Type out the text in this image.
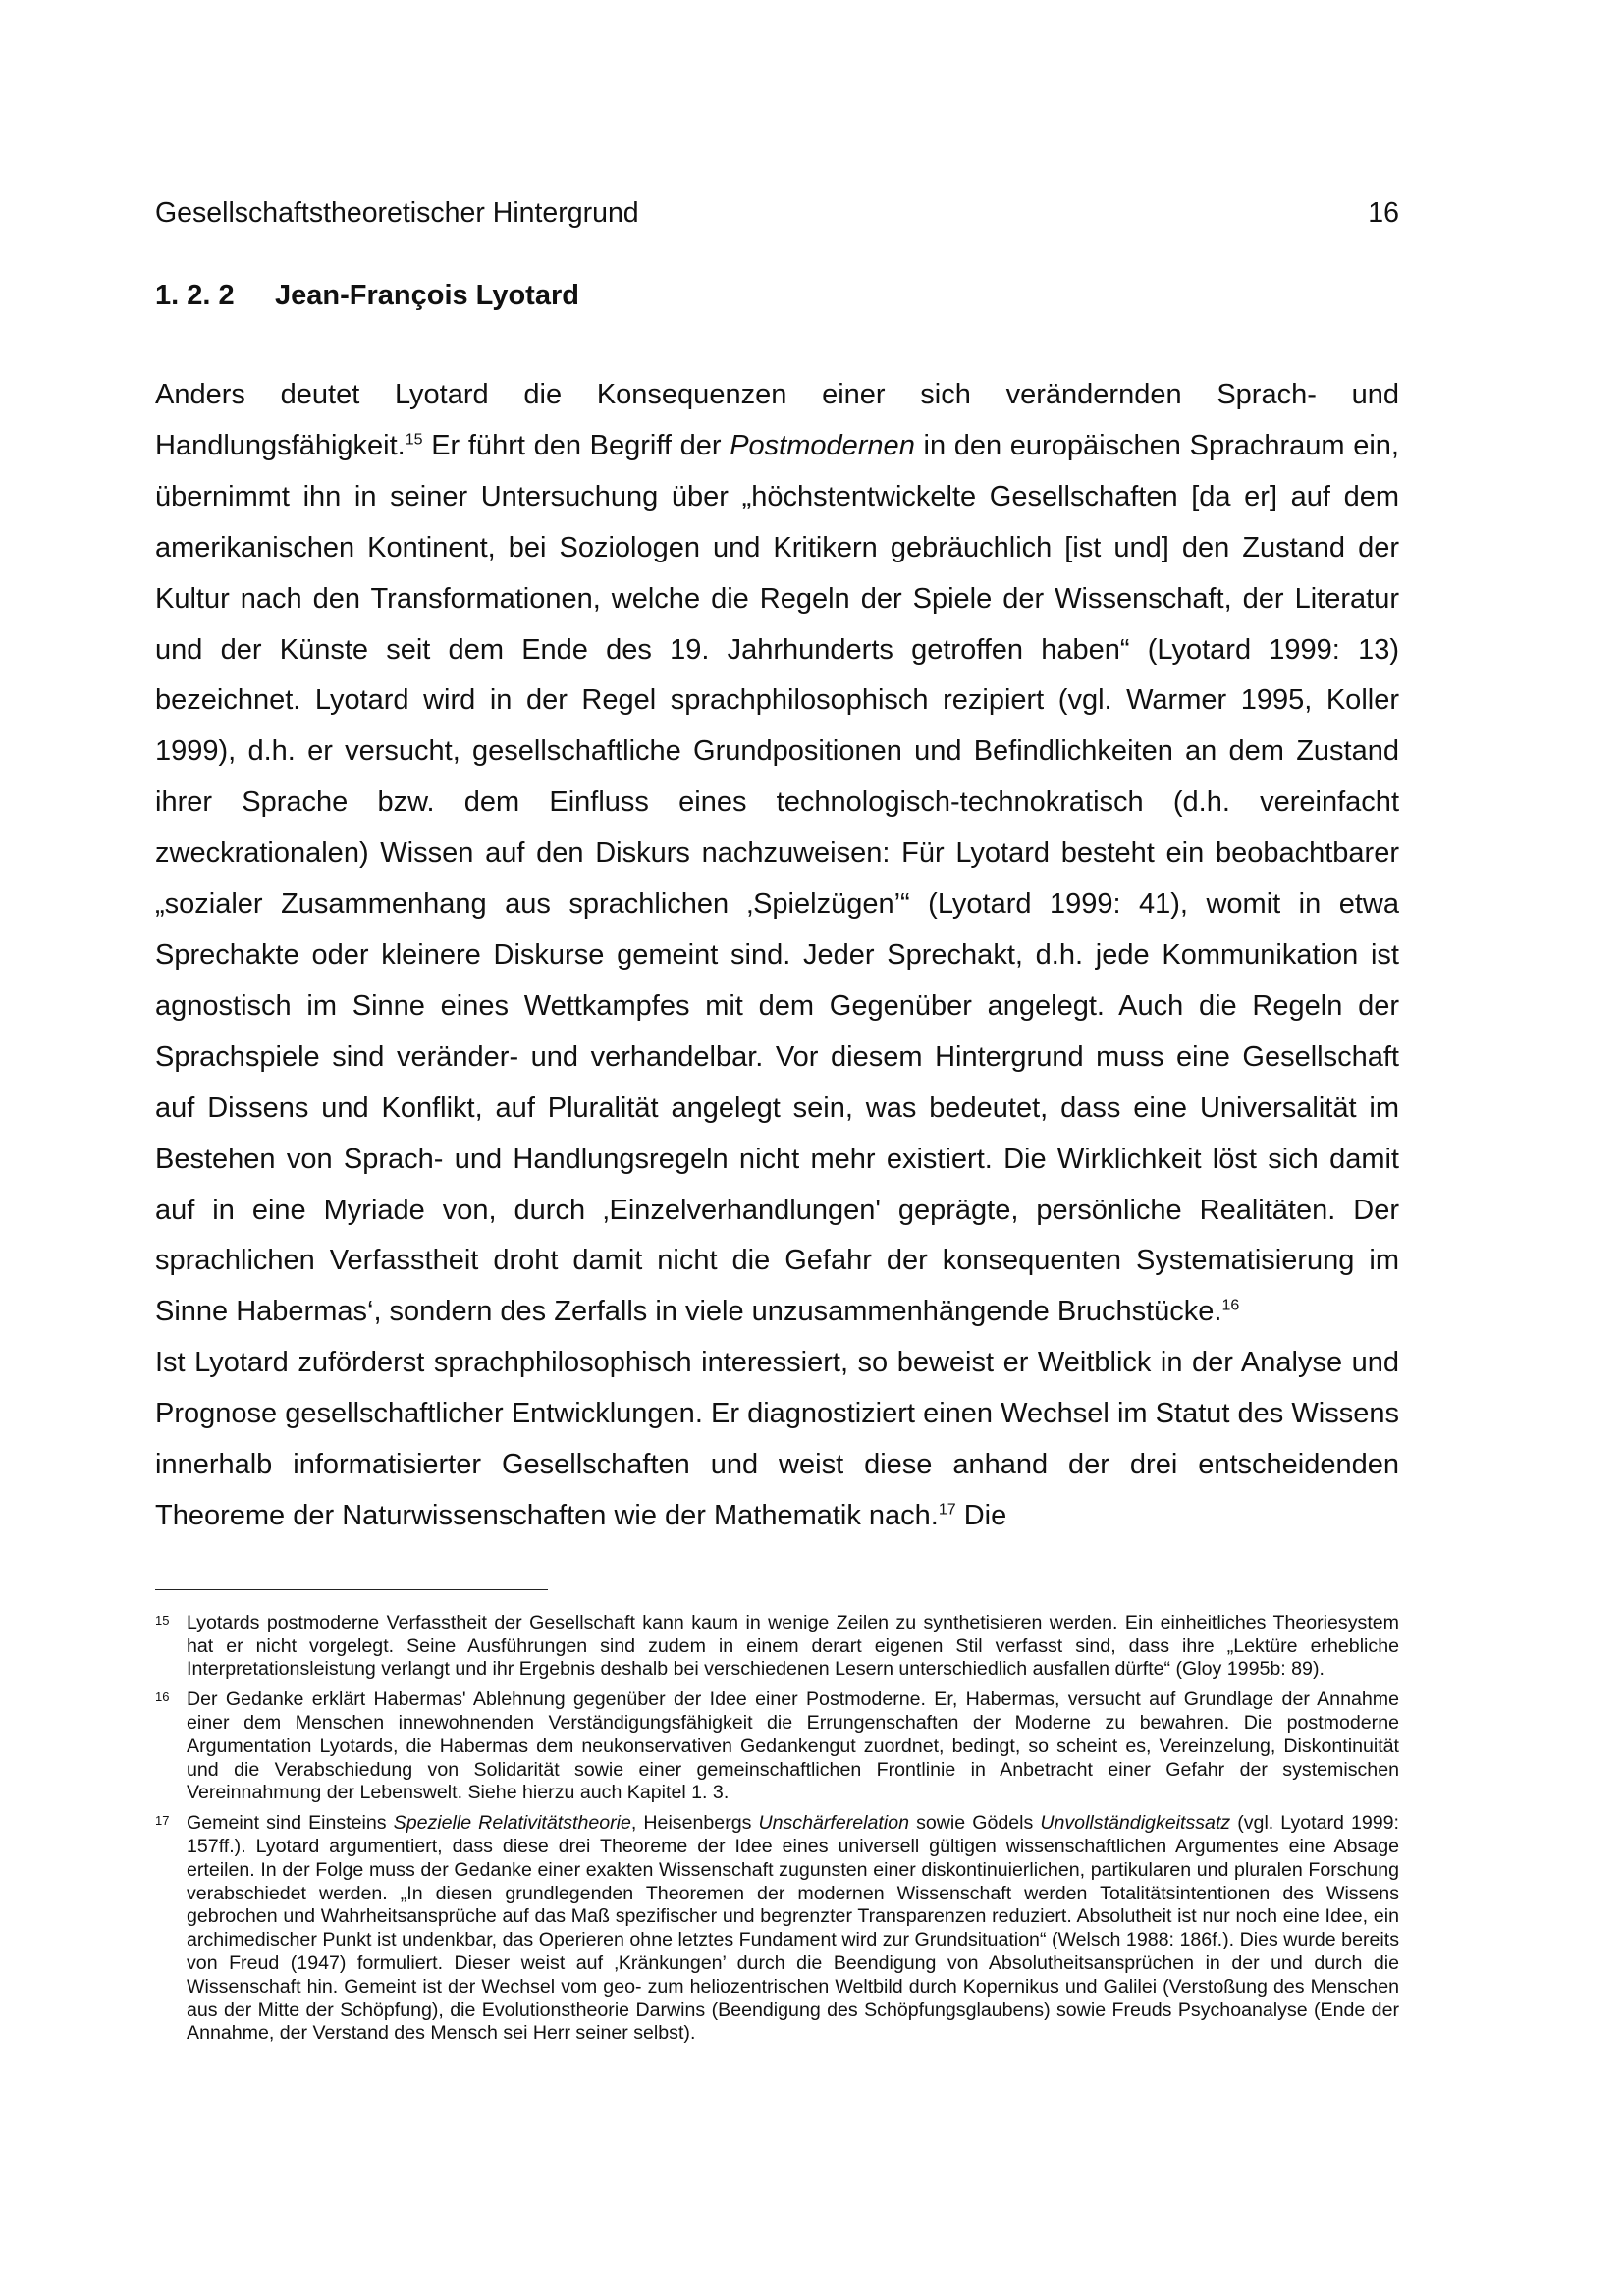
Gesellschaftstheoretischer Hintergrund	16
1. 2. 2	Jean-François Lyotard

Anders deutet Lyotard die Konsequenzen einer sich verändernden Sprach- und Handlungsfähigkeit.$^{15}$ Er führt den Begriff der Postmodernen in den europäischen Sprachraum ein, übernimmt ihn in seiner Untersuchung über „höchstentwickelte Gesellschaften [da er] auf dem amerikanischen Kontinent, bei Soziologen und Kritikern gebräuchlich [ist und] den Zustand der Kultur nach den Transformationen, welche die Regeln der Spiele der Wissenschaft, der Literatur und der Künste seit dem Ende des 19. Jahrhunderts getroffen haben“ (Lyotard 1999: 13) bezeichnet. Lyotard wird in der Regel sprachphilosophisch rezipiert (vgl. Warmer 1995, Koller 1999), d.h. er versucht, gesellschaftliche Grundpositionen und Befindlichkeiten an dem Zustand ihrer Sprache bzw. dem Einfluss eines technologisch-technokratisch (d.h. vereinfacht zweckrationalen) Wissen auf den Diskurs nachzuweisen: Für Lyotard besteht ein beobachtbarer „sozialer Zusammenhang aus sprachlichen ‚Spielzügen’“ (Lyotard 1999: 41), womit in etwa Sprechakte oder kleinere Diskurse gemeint sind. Jeder Sprechakt, d.h. jede Kommunikation ist agnostisch im Sinne eines Wettkampfes mit dem Gegenüber angelegt. Auch die Regeln der Sprachspiele sind veränder- und verhandelbar. Vor diesem Hintergrund muss eine Gesellschaft auf Dissens und Konflikt, auf Pluralität angelegt sein, was bedeutet, dass eine Universalität im Bestehen von Sprach- und Handlungsregeln nicht mehr existiert. Die Wirklichkeit löst sich damit auf in eine Myriade von, durch ‚Einzelverhandlungen' geprägte, persönliche Realitäten. Der sprachlichen Verfasstheit droht damit nicht die Gefahr der konsequenten Systematisierung im Sinne Habermas‘, sondern des Zerfalls in viele unzusammenhängende Bruchstücke.$^{16}$

Ist Lyotard zuförderst sprachphilosophisch interessiert, so beweist er Weitblick in der Analyse und Prognose gesellschaftlicher Entwicklungen. Er diagnostiziert einen Wechsel im Statut des Wissens innerhalb informatisierter Gesellschaften und weist diese anhand der drei entscheidenden Theoreme der Naturwissenschaften wie der Mathematik nach.$^{17}$ Die

15 Lyotards postmoderne Verfasstheit der Gesellschaft kann kaum in wenige Zeilen zu synthetisieren werden. Ein einheitliches Theoriesystem hat er nicht vorgelegt. Seine Ausführungen sind zudem in einem derart eigenen Stil verfasst sind, dass ihre „Lektüre erhebliche Interpretationsleistung verlangt und ihr Ergebnis deshalb bei verschiedenen Lesern unterschiedlich ausfallen dürfte“ (Gloy 1995b: 89).
16 Der Gedanke erklärt Habermas' Ablehnung gegenüber der Idee einer Postmoderne. Er, Habermas, versucht auf Grundlage der Annahme einer dem Menschen innewohnenden Verständigungsfähigkeit die Errungenschaften der Moderne zu bewahren. Die postmoderne Argumentation Lyotards, die Habermas dem neukonservativen Gedankengut zuordnet, bedingt, so scheint es, Vereinzelung, Diskontinuität und die Verabschiedung von Solidarität sowie einer gemeinschaftlichen Frontlinie in Anbetracht einer Gefahr der systemischen Vereinnahmung der Lebenswelt. Siehe hierzu auch Kapitel 1. 3.
17 Gemeint sind Einsteins Spezielle Relativitätstheorie, Heisenbergs Unschärferelation sowie Gödels Unvollständigkeitssatz (vgl. Lyotard 1999: 157ff.). Lyotard argumentiert, dass diese drei Theoreme der Idee eines universell gültigen wissenschaftlichen Argumentes eine Absage erteilen. In der Folge muss der Gedanke einer exakten Wissenschaft zugunsten einer diskontinuierlichen, partikularen und pluralen Forschung verabschiedet werden. „In diesen grundlegenden Theoremen der modernen Wissenschaft werden Totalitätsintentionen des Wissens gebrochen und Wahrheitsansprüche auf das Maß spezifischer und begrenzter Transparenzen reduziert. Absolutheit ist nur noch eine Idee, ein archimedischer Punkt ist undenkbar, das Operieren ohne letztes Fundament wird zur Grundsituation“ (Welsch 1988: 186f.). Dies wurde bereits von Freud (1947) formuliert. Dieser weist auf ‚Kränkungen’ durch die Beendigung von Absolutheitsansprüchen in der und durch die Wissenschaft hin. Gemeint ist der Wechsel vom geo- zum heliozentrischen Weltbild durch Kopernikus und Galilei (Verstoßung des Menschen aus der Mitte der Schöpfung), die Evolutionstheorie Darwins (Beendigung des Schöpfungsglaubens) sowie Freuds Psychoanalyse (Ende der Annahme, der Verstand des Mensch sei Herr seiner selbst).
